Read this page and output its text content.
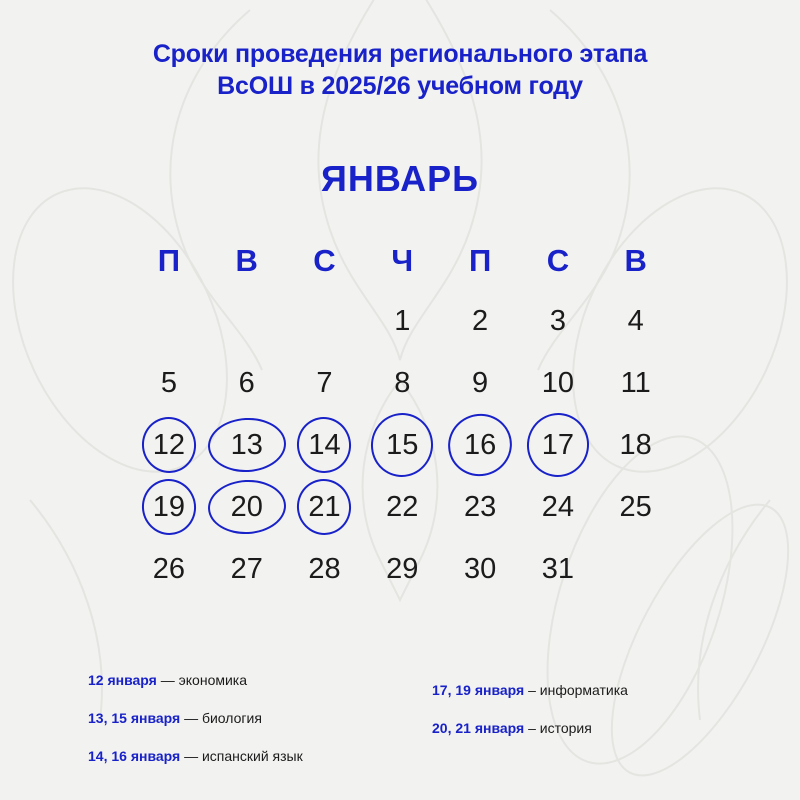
Сроки проведения регионального этапа
ВсОШ в 2025/26 учебном году
ЯНВАРЬ
П В С Ч П С В
1 2 3 4
5 6 7 8 9 10 11
12 13 14 15 16 17 18
19 20 21 22 23 24 25
26 27 28 29 30 31
12 января — экономика
13, 15 января — биология
14, 16 января — испанский язык
17, 19 января – информатика
20, 21 января – история
